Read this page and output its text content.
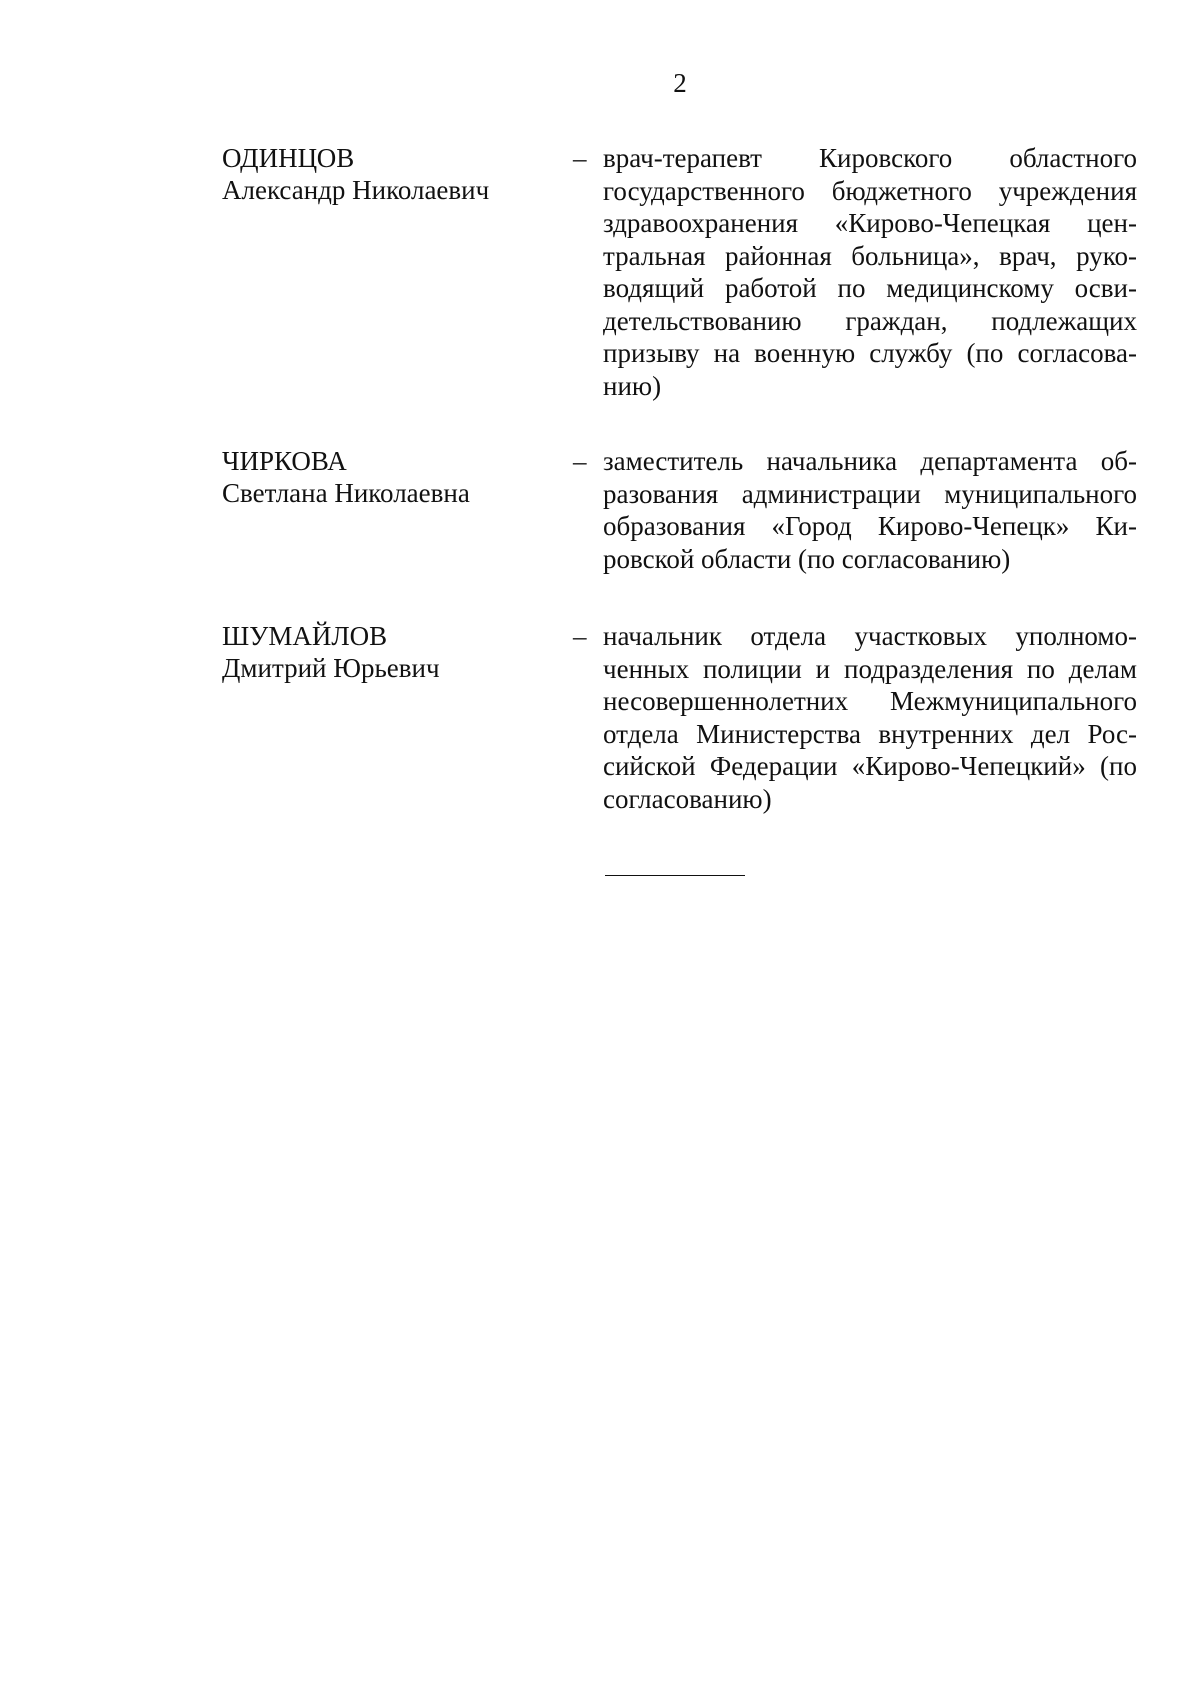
2
ОДИНЦОВ
Александр Николаевич
– врач-терапевт Кировского областного государственного бюджетного учреждения здравоохранения «Кирово-Чепецкая центральная районная больница», врач, руководящий работой по медицинскому освидетельствованию граждан, подлежащих призыву на военную службу (по согласованию)
ЧИРКОВА
Светлана Николаевна
– заместитель начальника департамента образования администрации муниципального образования «Город Кирово-Чепецк» Кировской области (по согласованию)
ШУМАЙЛОВ
Дмитрий Юрьевич
– начальник отдела участковых уполномоченных полиции и подразделения по делам несовершеннолетних Межмуниципального отдела Министерства внутренних дел Российской Федерации «Кирово-Чепецкий» (по согласованию)
